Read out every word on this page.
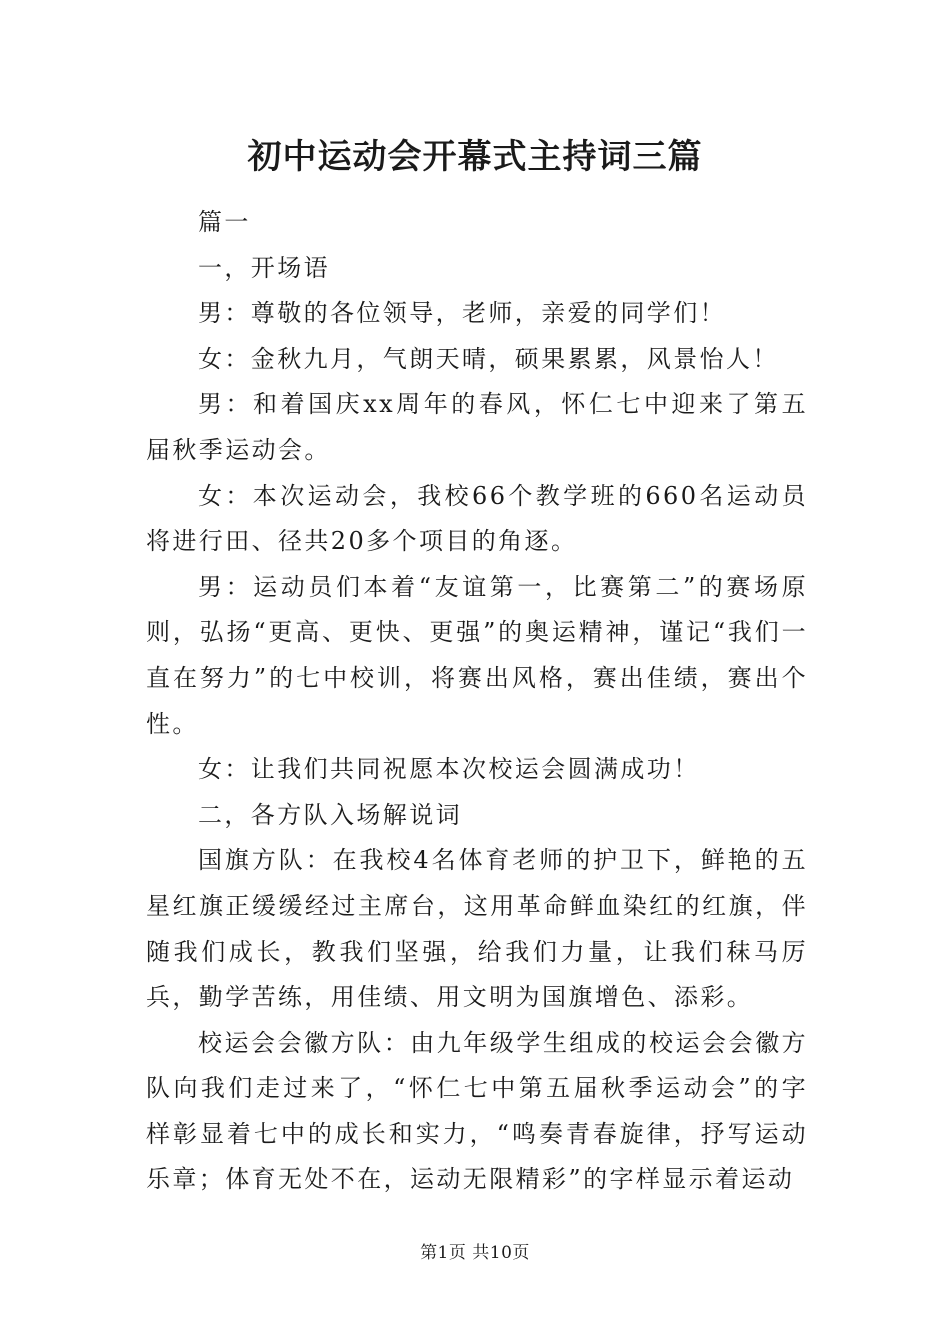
初中运动会开幕式主持词三篇

篇一

一，开场语

男：尊敬的各位领导，老师，亲爱的同学们！

女：金秋九月，气朗天晴，硕果累累，风景怡人！

男：和着国庆xx周年的春风，怀仁七中迎来了第五届秋季运动会。

女：本次运动会，我校66个教学班的660名运动员将进行田、径共20多个项目的角逐。

男：运动员们本着“友谊第一，比赛第二”的赛场原则，弘扬“更高、更快、更强”的奥运精神，谨记“我们一直在努力”的七中校训，将赛出风格，赛出佳绩，赛出个性。

女：让我们共同祝愿本次校运会圆满成功！

二，各方队入场解说词

国旗方队：在我校4名体育老师的护卫下，鲜艳的五星红旗正缓缓经过主席台，这用革命鲜血染红的红旗，伴随我们成长，教我们坚强，给我们力量，让我们秣马厉兵，勤学苦练，用佳绩、用文明为国旗增色、添彩。

校运会会徽方队：由九年级学生组成的校运会会徽方队向我们走过来了，“怀仁七中第五届秋季运动会”的字样彰显着七中的成长和实力，“鸣奏青春旋律，抒写运动乐章；体育无处不在，运动无限精彩”的字样显示着运动

第1页 共10页
